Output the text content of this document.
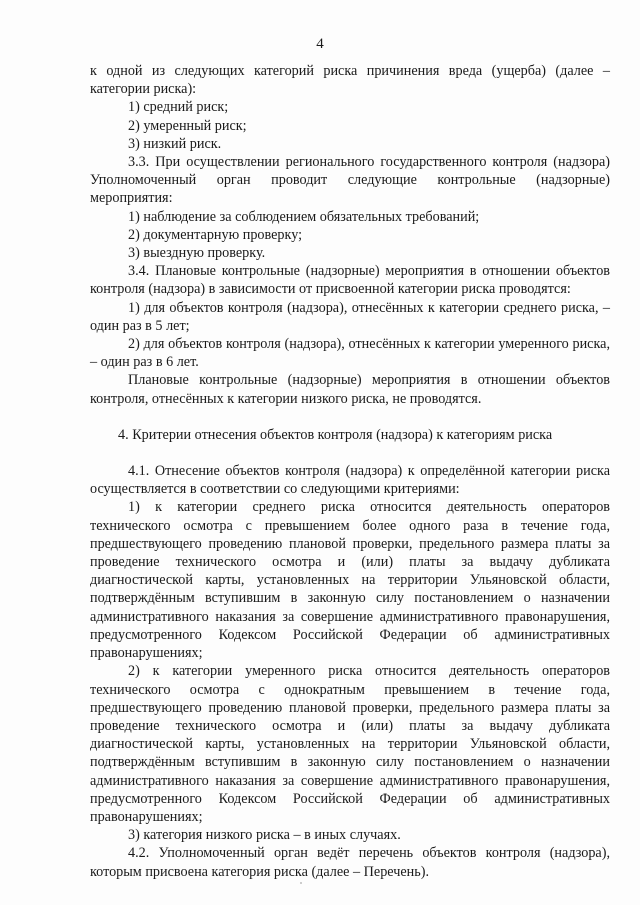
4

к одной из следующих категорий риска причинения вреда (ущерба) (далее – категории риска):

1) средний риск;

2) умеренный риск;

3) низкий риск.

3.3. При осуществлении регионального государственного контроля (надзора) Уполномоченный орган проводит следующие контрольные (надзорные) мероприятия:

1) наблюдение за соблюдением обязательных требований;

2) документарную проверку;

3) выездную проверку.

3.4. Плановые контрольные (надзорные) мероприятия в отношении объектов контроля (надзора) в зависимости от присвоенной категории риска проводятся:

1) для объектов контроля (надзора), отнесённых к категории среднего риска, – один раз в 5 лет;

2) для объектов контроля (надзора), отнесённых к категории умеренного риска, – один раз в 6 лет.

Плановые контрольные (надзорные) мероприятия в отношении объектов контроля, отнесённых к категории низкого риска, не проводятся.

4. Критерии отнесения объектов контроля (надзора) к категориям риска

4.1. Отнесение объектов контроля (надзора) к определённой категории риска осуществляется в соответствии со следующими критериями:

1) к категории среднего риска относится деятельность операторов технического осмотра с превышением более одного раза в течение года, предшествующего проведению плановой проверки, предельного размера платы за проведение технического осмотра и (или) платы за выдачу дубликата диагностической карты, установленных на территории Ульяновской области, подтверждённым вступившим в законную силу постановлением о назначении административного наказания за совершение административного правонарушения, предусмотренного Кодексом Российской Федерации об административных правонарушениях;

2) к категории умеренного риска относится деятельность операторов технического осмотра с однократным превышением в течение года, предшествующего проведению плановой проверки, предельного размера платы за проведение технического осмотра и (или) платы за выдачу дубликата диагностической карты, установленных на территории Ульяновской области, подтверждённым вступившим в законную силу постановлением о назначении административного наказания за совершение административного правонарушения, предусмотренного Кодексом Российской Федерации об административных правонарушениях;

3) категория низкого риска – в иных случаях.

4.2. Уполномоченный орган ведёт перечень объектов контроля (надзора), которым присвоена категория риска (далее – Перечень).
